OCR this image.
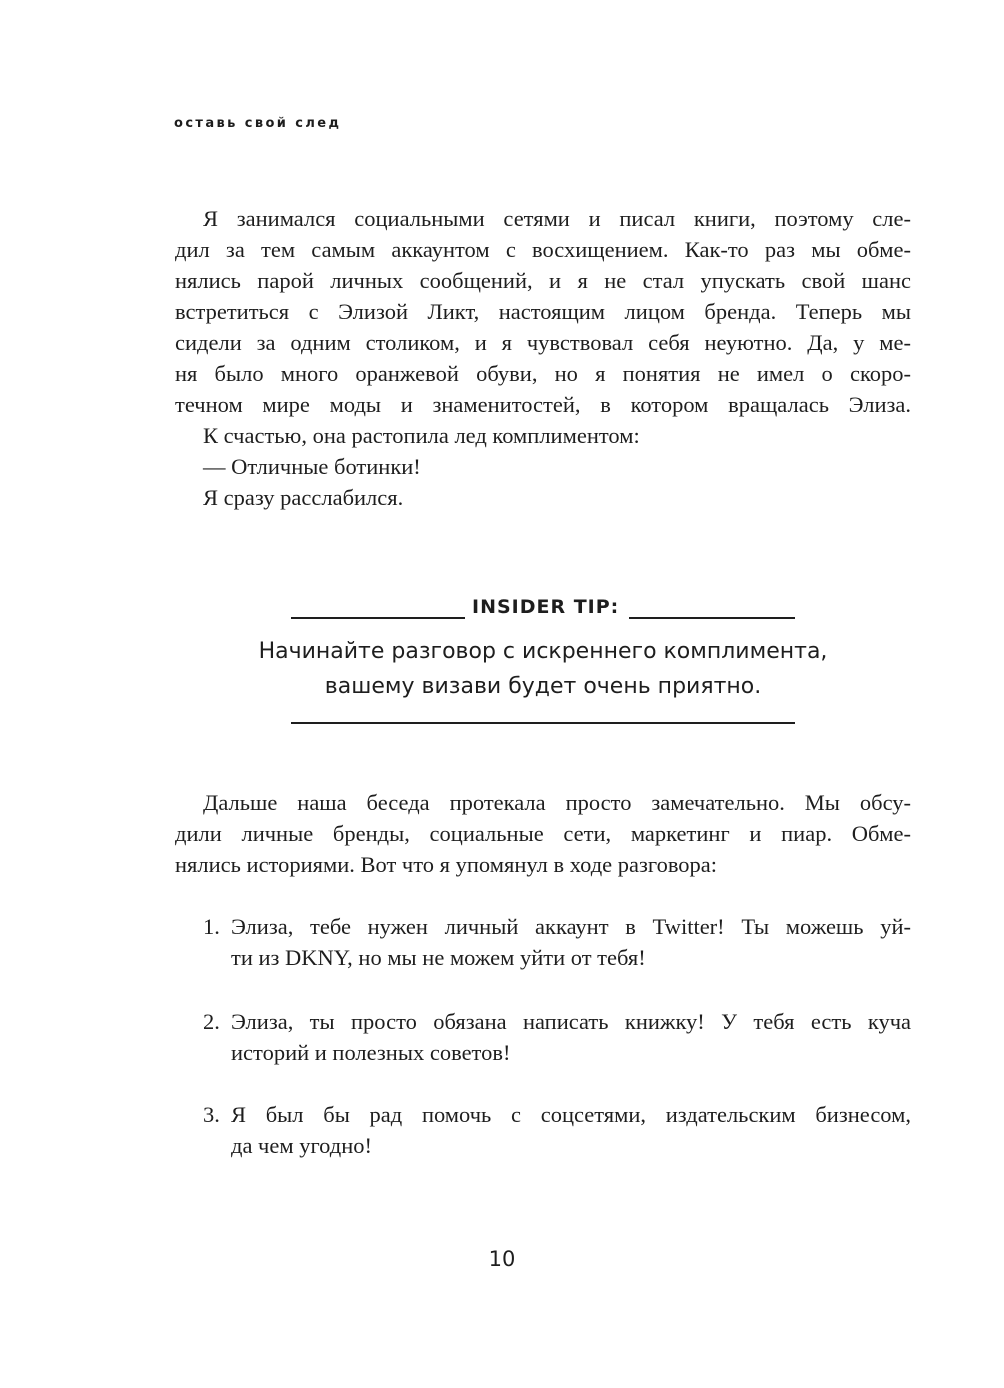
оставь свой след
Я занимался социальными сетями и писал книги, поэтому сле-
дил за тем самым аккаунтом с восхищением. Как-то раз мы обме-
нялись парой личных сообщений, и я не стал упускать свой шанс
встретиться с Элизой Ликт, настоящим лицом бренда. Теперь мы
сидели за одним столиком, и я чувствовал себя неуютно. Да, у ме-
ня было много оранжевой обуви, но я понятия не имел о скоро-
течном мире моды и знаменитостей, в котором вращалась Элиза.
К счастью, она растопила лед комплиментом:
— Отличные ботинки!
Я сразу расслабился.
INSIDER TIP:
Начинайте разговор с искреннего комплимента,
вашему визави будет очень приятно.
Дальше наша беседа протекала просто замечательно. Мы обсу-
дили личные бренды, социальные сети, маркетинг и пиар. Обме-
нялись историями. Вот что я упомянул в ходе разговора:
1. Элиза, тебе нужен личный аккаунт в Twitter! Ты можешь уй-
ти из DKNY, но мы не можем уйти от тебя!
2. Элиза, ты просто обязана написать книжку! У тебя есть куча
историй и полезных советов!
3. Я был бы рад помочь с соцсетями, издательским бизнесом,
да чем угодно!
10
